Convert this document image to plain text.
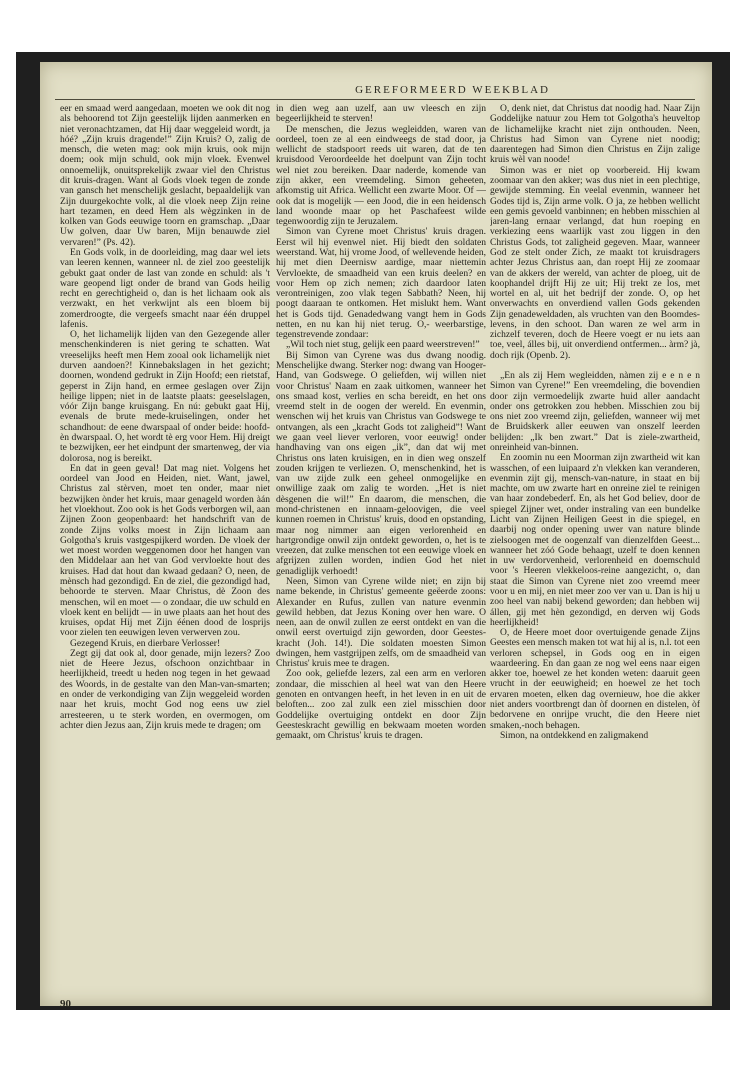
GEREFORMEERD WEEKBLAD

eer en smaad werd aangedaan, moeten we ook dit nog als behoorend tot Zijn geestelijk lijden aanmerken en niet veronachtzamen, dat Hij daar weggeleid wordt, ja hóé? „Zijn kruis dragende!” Zijn Kruis? O, zalig de mensch, die weten mag: ook mijn kruis, ook mijn doem; ook mijn schuld, ook mijn vloek. Evenwel onnoemelijk, onuitsprekelijk zwaar viel den Christus dit kruis-dragen. Want al Gods vloek tegen de zonde van gansch het menschelijk geslacht, bepaaldelijk van Zijn duurgekochte volk, al die vloek neep Zijn reine hart tezamen, en deed Hem als wègzinken in de kolken van Gods eeuwige toorn en gramschap. „Daar Uw golven, daar Uw baren, Mijn benauwde ziel vervaren!” (Ps. 42).

En Gods volk, in de doorleiding, mag daar wel iets van leeren kennen, wanneer nl. de ziel zoo geestelijk gebukt gaat onder de last van zonde en schuld: als 't ware geopend ligt onder de brand van Gods heilig recht en gerechtigheid o, dan is het lichaam ook als verzwakt, en het verkwijnt als een bloem bij zomerdroogte, die vergeefs smacht naar één druppel lafenis.

O, het lichamelijk lijden van den Gezegende aller menschenkinderen is niet gering te schatten. Wat vreeselijks heeft men Hem zooal ook lichamelijk niet durven aandoen?! Kinnebakslagen in het gezicht; doornen, wondend gedrukt in Zijn Hoofd; een rietstaf, geperst in Zijn hand, en ermee geslagen over Zijn heilige lippen; niet in de laatste plaats: geeselslagen, vóór Zijn bange kruisgang. En nú: gebukt gaat Hij, evenals de brute mede-kruiselingen, onder het schandhout: de eene dwarspaal of onder beide: hoofd- èn dwarspaal. O, het wordt tè erg voor Hem. Hij dreigt te bezwijken, eer het eindpunt der smartenweg, der via dolorosa, nog is bereikt.

En dat in geen geval! Dat mag niet. Volgens het oordeel van Jood en Heiden, niet. Want, jawel, Christus zal stèrven, moet ten onder, maar niet bezwijken ònder het kruis, maar genageld worden àán het vloekhout. Zoo ook is het Gods verborgen wil, aan Zijnen Zoon geopenbaard: het handschrift van de zonde Zijns volks moest in Zijn lichaam aan Golgotha's kruis vastgespijkerd worden. De vloek der wet moest worden weggenomen door het hangen van den Middelaar aan het van God vervloekte hout des kruises. Had dat hout dan kwaad gedaan? O, neen, de mènsch had gezondigd. En de ziel, die gezondigd had, behoorde te sterven. Maar Christus, dè Zoon des menschen, wil en moet — o zondaar, die uw schuld en vloek kent en belijdt — in uwe plaats aan het hout des kruises, opdat Hij met Zijn éénen dood de losprijs voor zielen ten eeuwigen leven verwerven zou.

Gezegend Kruis, en dierbare Verlosser!

Zegt gij dat ook al, door genade, mijn lezers? Zoo niet de Heere Jezus, ofschoon onzichtbaar in heerlijkheid, treedt u heden nog tegen in het gewaad des Woords, in de gestalte van den Man-van-smarten; en onder de verkondiging van Zijn weggeleid worden naar het kruis, mocht God nog eens uw ziel arresteeren, u te sterk worden, en overmogen, om achter dien Jezus aan, Zijn kruis mede te dragen; om

in dien weg aan uzelf, aan uw vleesch en zijn begeerlijkheid te sterven!

De menschen, die Jezus wegleidden, waren van oordeel, toen ze al een eindweegs de stad door, ja wellicht de stadspoort reeds uit waren, dat de ten kruisdood Veroordeelde het doelpunt van Zijn tocht wel niet zou bereiken. Daar naderde, komende van zijn akker, een vreemdeling. Simon geheeten, afkomstig uit Africa. Wellicht een zwarte Moor. Of — ook dat is mogelijk — een Jood, die in een heidensch land woonde maar op het Paschafeest wilde tegenwoordig zijn te Jeruzalem.

Simon van Cyrene moet Christus' kruis dragen. Eerst wil hij evenwel niet. Hij biedt den soldaten weerstand. Wat, hij vrome Jood, of wellevende heiden, hij met dien Deernisw aardige, maar niettemin Vervloekte, de smaadheid van een kruis deelen? en voor Hem op zich nemen; zich daardoor laten verontreinigen, zoo vlak tegen Sabbath? Neen, hij poogt daaraan te ontkomen. Het mislukt hem. Want het is Gods tijd. Genadedwang vangt hem in Gods netten, en nu kan hij niet terug. O,- weerbarstige, tegenstrevende zondaar:

„Wil toch niet stug, gelijk een paard weerstreven!”

Bij Simon van Cyrene was dus dwang noodig. Menschelijke dwang. Sterker nog: dwang van Hooger-Hand, van Godswege. O geliefden, wij willen niet voor Christus' Naam en zaak uitkomen, wanneer het ons smaad kost, verlies en scha bereidt, en het ons vreemd stelt in de oogen der wereld. En evenmin, wenschen wij het kruis van Christus van Godswege te ontvangen, als een „kracht Gods tot zaligheid”! Want we gaan veel liever verloren, voor eeuwig! onder handhaving van ons eigen „ik”, dan dat wij met Christus ons laten kruisigen, en in dien weg onszelf zouden krijgen te verliezen. O, menschenkind, het is van uw zijde zulk een geheel onmogelijke en onwillige zaak om zalig te worden. „Het is niet dèsgenen die wil!” En daarom, die menschen, die mond-christenen en innaam-geloovigen, die veel kunnen roemen in Christus' kruis, dood en opstanding, maar nog nimmer aan eigen verlorenheid en hartgrondige onwil zijn ontdekt geworden, o, het is te vreezen, dat zulke menschen tot een eeuwige vloek en afgrijzen zullen worden, indien God het niet genadiglijk verhoedt!

Neen, Simon van Cyrene wilde niet; en zijn bij name bekende, in Christus' gemeente geëerde zoons: Alexander en Rufus, zullen van nature evenmin gewild hebben, dat Jezus Koning over hen ware. O neen, aan de onwil zullen ze eerst ontdekt en van die onwil eerst overtuigd zijn geworden, door Geestes-kracht (Joh. 14!). Die soldaten moesten Simon dwingen, hem vastgrijpen zelfs, om de smaadheid van Christus' kruis mee te dragen.

Zoo ook, geliefde lezers, zal een arm en verloren zondaar, die misschien al heel wat van den Heere genoten en ontvangen heeft, in het leven in en uit de beloften... zoo zal zulk een ziel misschien door Goddelijke overtuiging ontdekt en door Zijn Geesteskracht gewillig en bekwaam moeten worden gemaakt, om Christus' kruis te dragen.

O, denk niet, dat Christus dat noodig had. Naar Zijn Goddelijke natuur zou Hem tot Golgotha's heuveltop de lichamelijke kracht niet zijn onthouden. Neen, Christus had Simon van Cyrene niet noodig; daarentegen had Simon dien Christus en Zijn zalige kruis wèl van noode!

Simon was er niet op voorbereid. Hij kwam zoomaar van den akker; was dus niet in een plechtige, gewijde stemming. En veelal evenmin, wanneer het Godes tijd is, Zijn arme volk. O ja, ze hebben wellicht een gemis gevoeld vanbinnen; en hebben misschien al jaren-lang ernaar verlangd, dat hun roeping en verkiezing eens waarlijk vast zou liggen in den Christus Gods, tot zaligheid gegeven. Maar, wanneer God ze stelt onder Zich, ze maakt tot kruisdragers achter Jezus Christus aan, dan roept Hij ze zoomaar van de akkers der wereld, van achter de ploeg, uit de koophandel drijft Hij ze uit; Hij trekt ze los, met wortel en al, uit het bedrijf der zonde. O, op het onverwachts en onverdiend vallen Gods gekenden Zijn genadeweldaden, als vruchten van den Boomdes-levens, in den schoot. Dan waren ze wel arm in zichzelf teveren, doch de Heere voegt er nu iets aan toe, veel, álles bij, uit onverdiend ontfermen... àrm? jà, doch rijk (Openb. 2).

„En als zij Hem wegleidden, nàmen zij e e n e n Simon van Cyrene!” Een vreemdeling, die bovendien door zijn vermoedelijk zwarte huid aller aandacht onder ons getrokken zou hebben. Misschien zou bij ons niet zoo vreemd zijn, geliefden, wanneer wij met de Bruidskerk aller eeuwen van onszelf leerden belijden: „Ik ben zwart.” Dat is ziele-zwartheid, onreinheid van-binnen.

En zoomin nu een Moorman zijn zwartheid wit kan wasschen, of een luipaard z'n vlekken kan veranderen, evenmin zijt gij, mensch-van-nature, in staat en bij machte, om uw zwarte hart en onreine ziel te reinigen van haar zondebederf. En, als het God believ, door de spiegel Zijner wet, onder instraling van een bundelke Licht van Zijnen Heiligen Geest in die spiegel, en daarbij nog onder opening uwer van nature blinde zielsoogen met de oogenzalf van dienzelfden Geest... wanneer het zóó Gode behaagt, uzelf te doen kennen in uw verdorvenheid, verlorenheid en doemschuld voor 's Heeren vlekkeloos-reine aangezicht, o, dan staat die Simon van Cyrene niet zoo vreemd meer voor u en mij, en niet meer zoo ver van u. Dan is hij u zoo heel van nabij bekend geworden; dan hebben wij állen, gij met hèn gezondigd, en derven wij Gods heerlijkheid!

O, de Heere moet door overtuigende genade Zijns Geestes een mensch maken tot wat hij al is, n.l. tot een verloren schepsel, in Gods oog en in eigen waardeering. En dan gaan ze nog wel eens naar eigen akker toe, hoewel ze het konden weten: daaruit geen vrucht in der eeuwigheid; en hoewel ze het toch ervaren moeten, elken dag overnieuw, hoe die akker niet anders voortbrengt dan òf doornen en distelen, òf bedorvene en onrijpe vrucht, die den Heere niet smaken,-noch behagen.

Simon, na ontdekkend en zaligmakend

90
